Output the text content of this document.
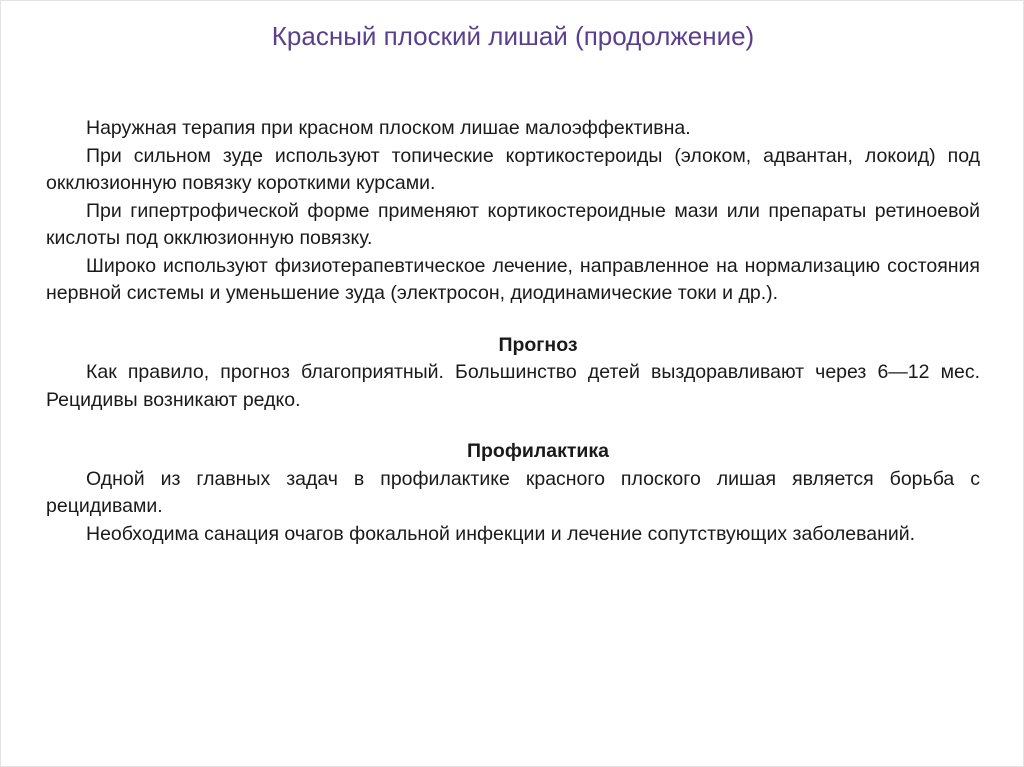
Красный плоский лишай (продолжение)

Наружная терапия при красном плоском лишае малоэффективна.

При сильном зуде используют топические кортикостероиды (элоком, адвантан, локоид) под окклюзионную повязку короткими курсами.

При гипертрофической форме применяют кортикостероидные мази или препараты ретиноевой кислоты под окклюзионную повязку.

Широко используют физиотерапевтическое лечение, направленное на нормализацию состояния нервной системы и уменьшение зуда (электросон, диодинамические токи и др.).

Прогноз

Как правило, прогноз благоприятный. Большинство детей выздоравливают через 6—12 мес. Рецидивы возникают редко.

Профилактика

Одной из главных задач в профилактике красного плоского лишая является борьба с рецидивами.

Необходима санация очагов фокальной инфекции и лечение сопутствующих заболеваний.
